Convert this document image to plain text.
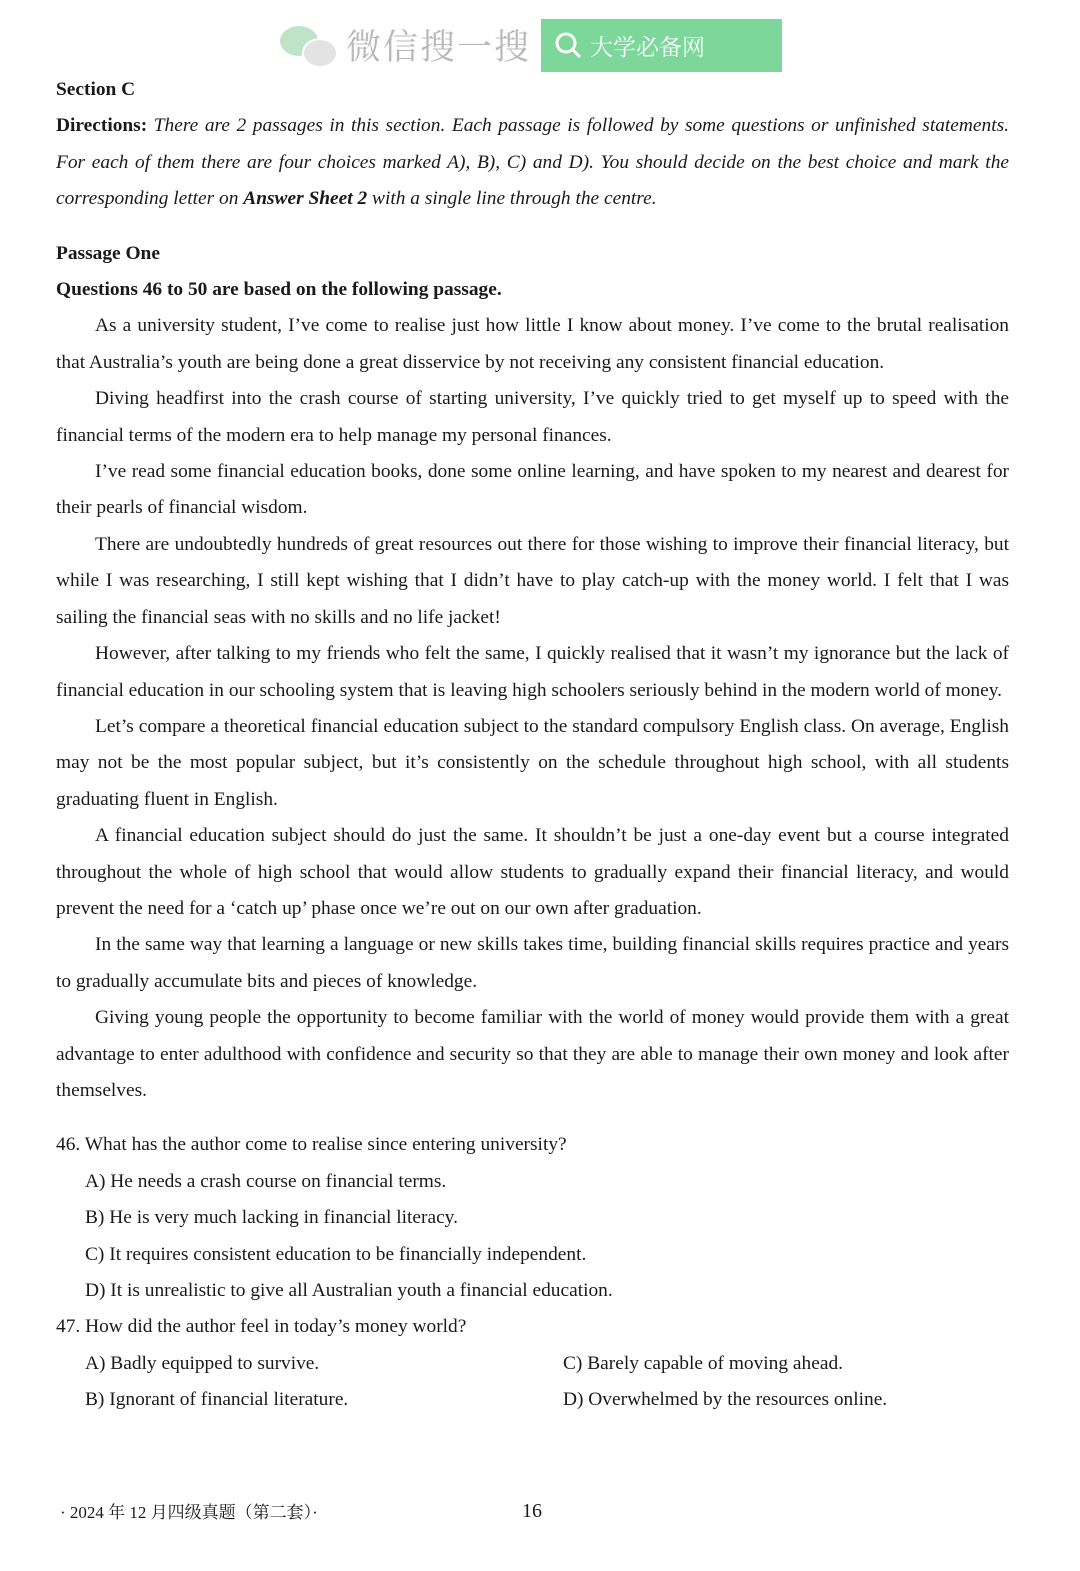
微信搜一搜	大学必备网
Section C
Directions: There are 2 passages in this section. Each passage is followed by some questions or unfinished statements. For each of them there are four choices marked A), B), C) and D). You should decide on the best choice and mark the corresponding letter on Answer Sheet 2 with a single line through the centre.
Passage One
Questions 46 to 50 are based on the following passage.

As a university student, I’ve come to realise just how little I know about money. I’ve come to the brutal realisation that Australia’s youth are being done a great disservice by not receiving any consistent financial education.

Diving headfirst into the crash course of starting university, I’ve quickly tried to get myself up to speed with the financial terms of the modern era to help manage my personal finances.

I’ve read some financial education books, done some online learning, and have spoken to my nearest and dearest for their pearls of financial wisdom.

There are undoubtedly hundreds of great resources out there for those wishing to improve their financial literacy, but while I was researching, I still kept wishing that I didn’t have to play catch-up with the money world. I felt that I was sailing the financial seas with no skills and no life jacket!

However, after talking to my friends who felt the same, I quickly realised that it wasn’t my ignorance but the lack of financial education in our schooling system that is leaving high schoolers seriously behind in the modern world of money.

Let’s compare a theoretical financial education subject to the standard compulsory English class. On average, English may not be the most popular subject, but it’s consistently on the schedule throughout high school, with all students graduating fluent in English.

A financial education subject should do just the same. It shouldn’t be just a one-day event but a course integrated throughout the whole of high school that would allow students to gradually expand their financial literacy, and would prevent the need for a ‘catch up’ phase once we’re out on our own after graduation.

In the same way that learning a language or new skills takes time, building financial skills requires practice and years to gradually accumulate bits and pieces of knowledge.

Giving young people the opportunity to become familiar with the world of money would provide them with a great advantage to enter adulthood with confidence and security so that they are able to manage their own money and look after themselves.

46. What has the author come to realise since entering university?

A) He needs a crash course on financial terms.

B) He is very much lacking in financial literacy.

C) It requires consistent education to be financially independent.

D) It is unrealistic to give all Australian youth a financial education.

47. How did the author feel in today’s money world?

A) Badly equipped to survive.	C) Barely capable of moving ahead.

B) Ignorant of financial literature.	D) Overwhelmed by the resources online.

· 2024 年 12 月四级真题（第二套）·	16
